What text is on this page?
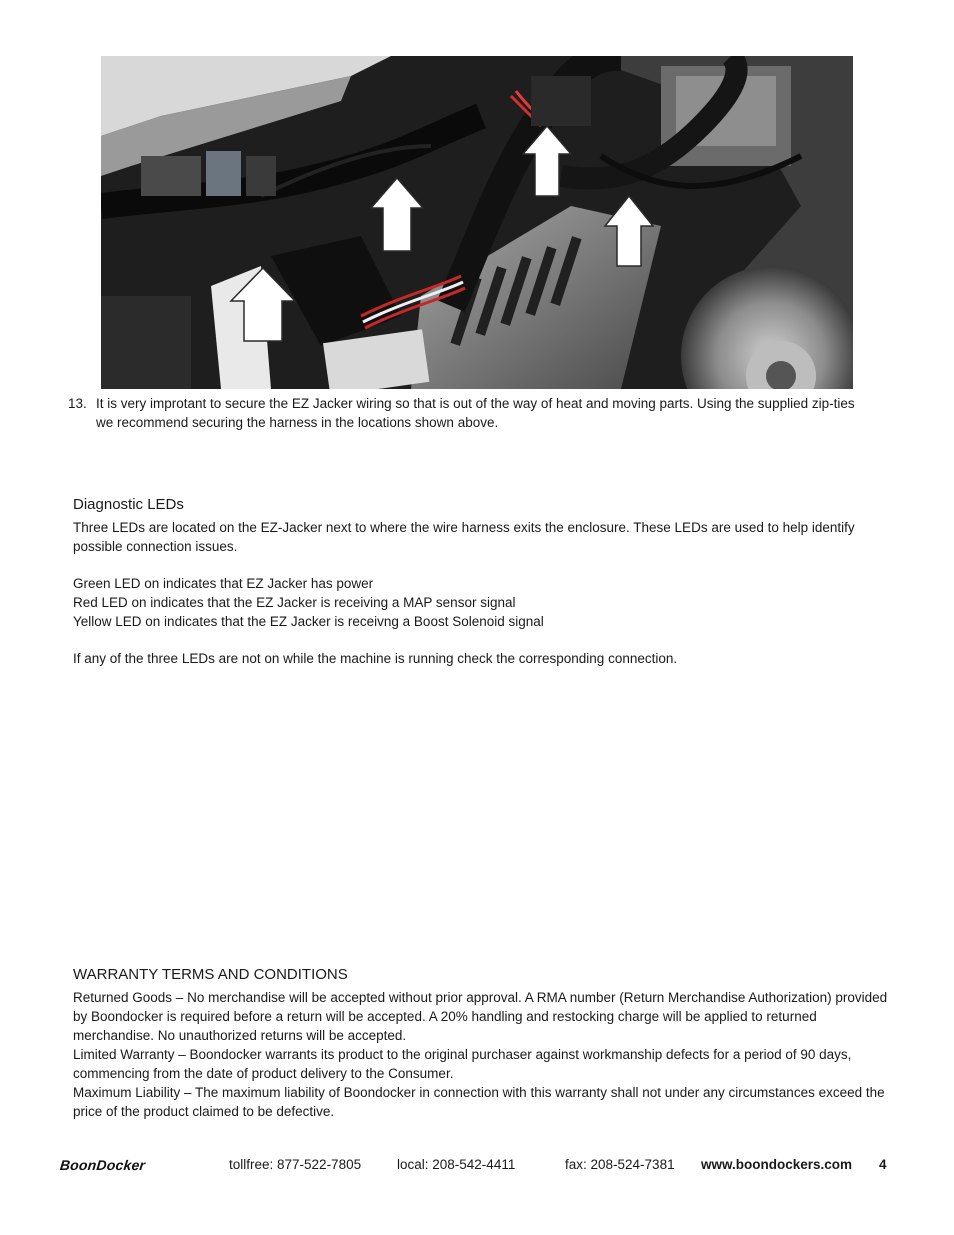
13. It is very improtant to secure the EZ Jacker wiring so that is out of the way of heat and moving parts. Using the supplied zip-ties we recommend securing the harness in the locations shown above.
Diagnostic LEDs

Three LEDs are located on the EZ-Jacker next to where the wire harness exits the enclosure. These LEDs are used to help identify possible connection issues.

Green LED on indicates that EZ Jacker has power

Red LED on indicates that the EZ Jacker is receiving a MAP sensor signal

Yellow LED on indicates that the EZ Jacker is receivng a Boost Solenoid signal

If any of the three LEDs are not on while the machine is running check the corresponding connection.

WARRANTY TERMS AND CONDITIONS

Returned Goods – No merchandise will be accepted without prior approval. A RMA number (Return Merchandise Authorization) provided by Boondocker is required before a return will be accepted. A 20% handling and restocking charge will be applied to returned merchandise. No unauthorized returns will be accepted.

Limited Warranty – Boondocker warrants its product to the original purchaser against workmanship defects for a period of 90 days, commencing from the date of product delivery to the Consumer.

Maximum Liability – The maximum liability of Boondocker in connection with this warranty shall not under any circumstances exceed the price of the product claimed to be defective.

BoonDocker	tollfree: 877-522-7805	local: 208-542-4411	fax: 208-524-7381 www.boondockers.com 4
